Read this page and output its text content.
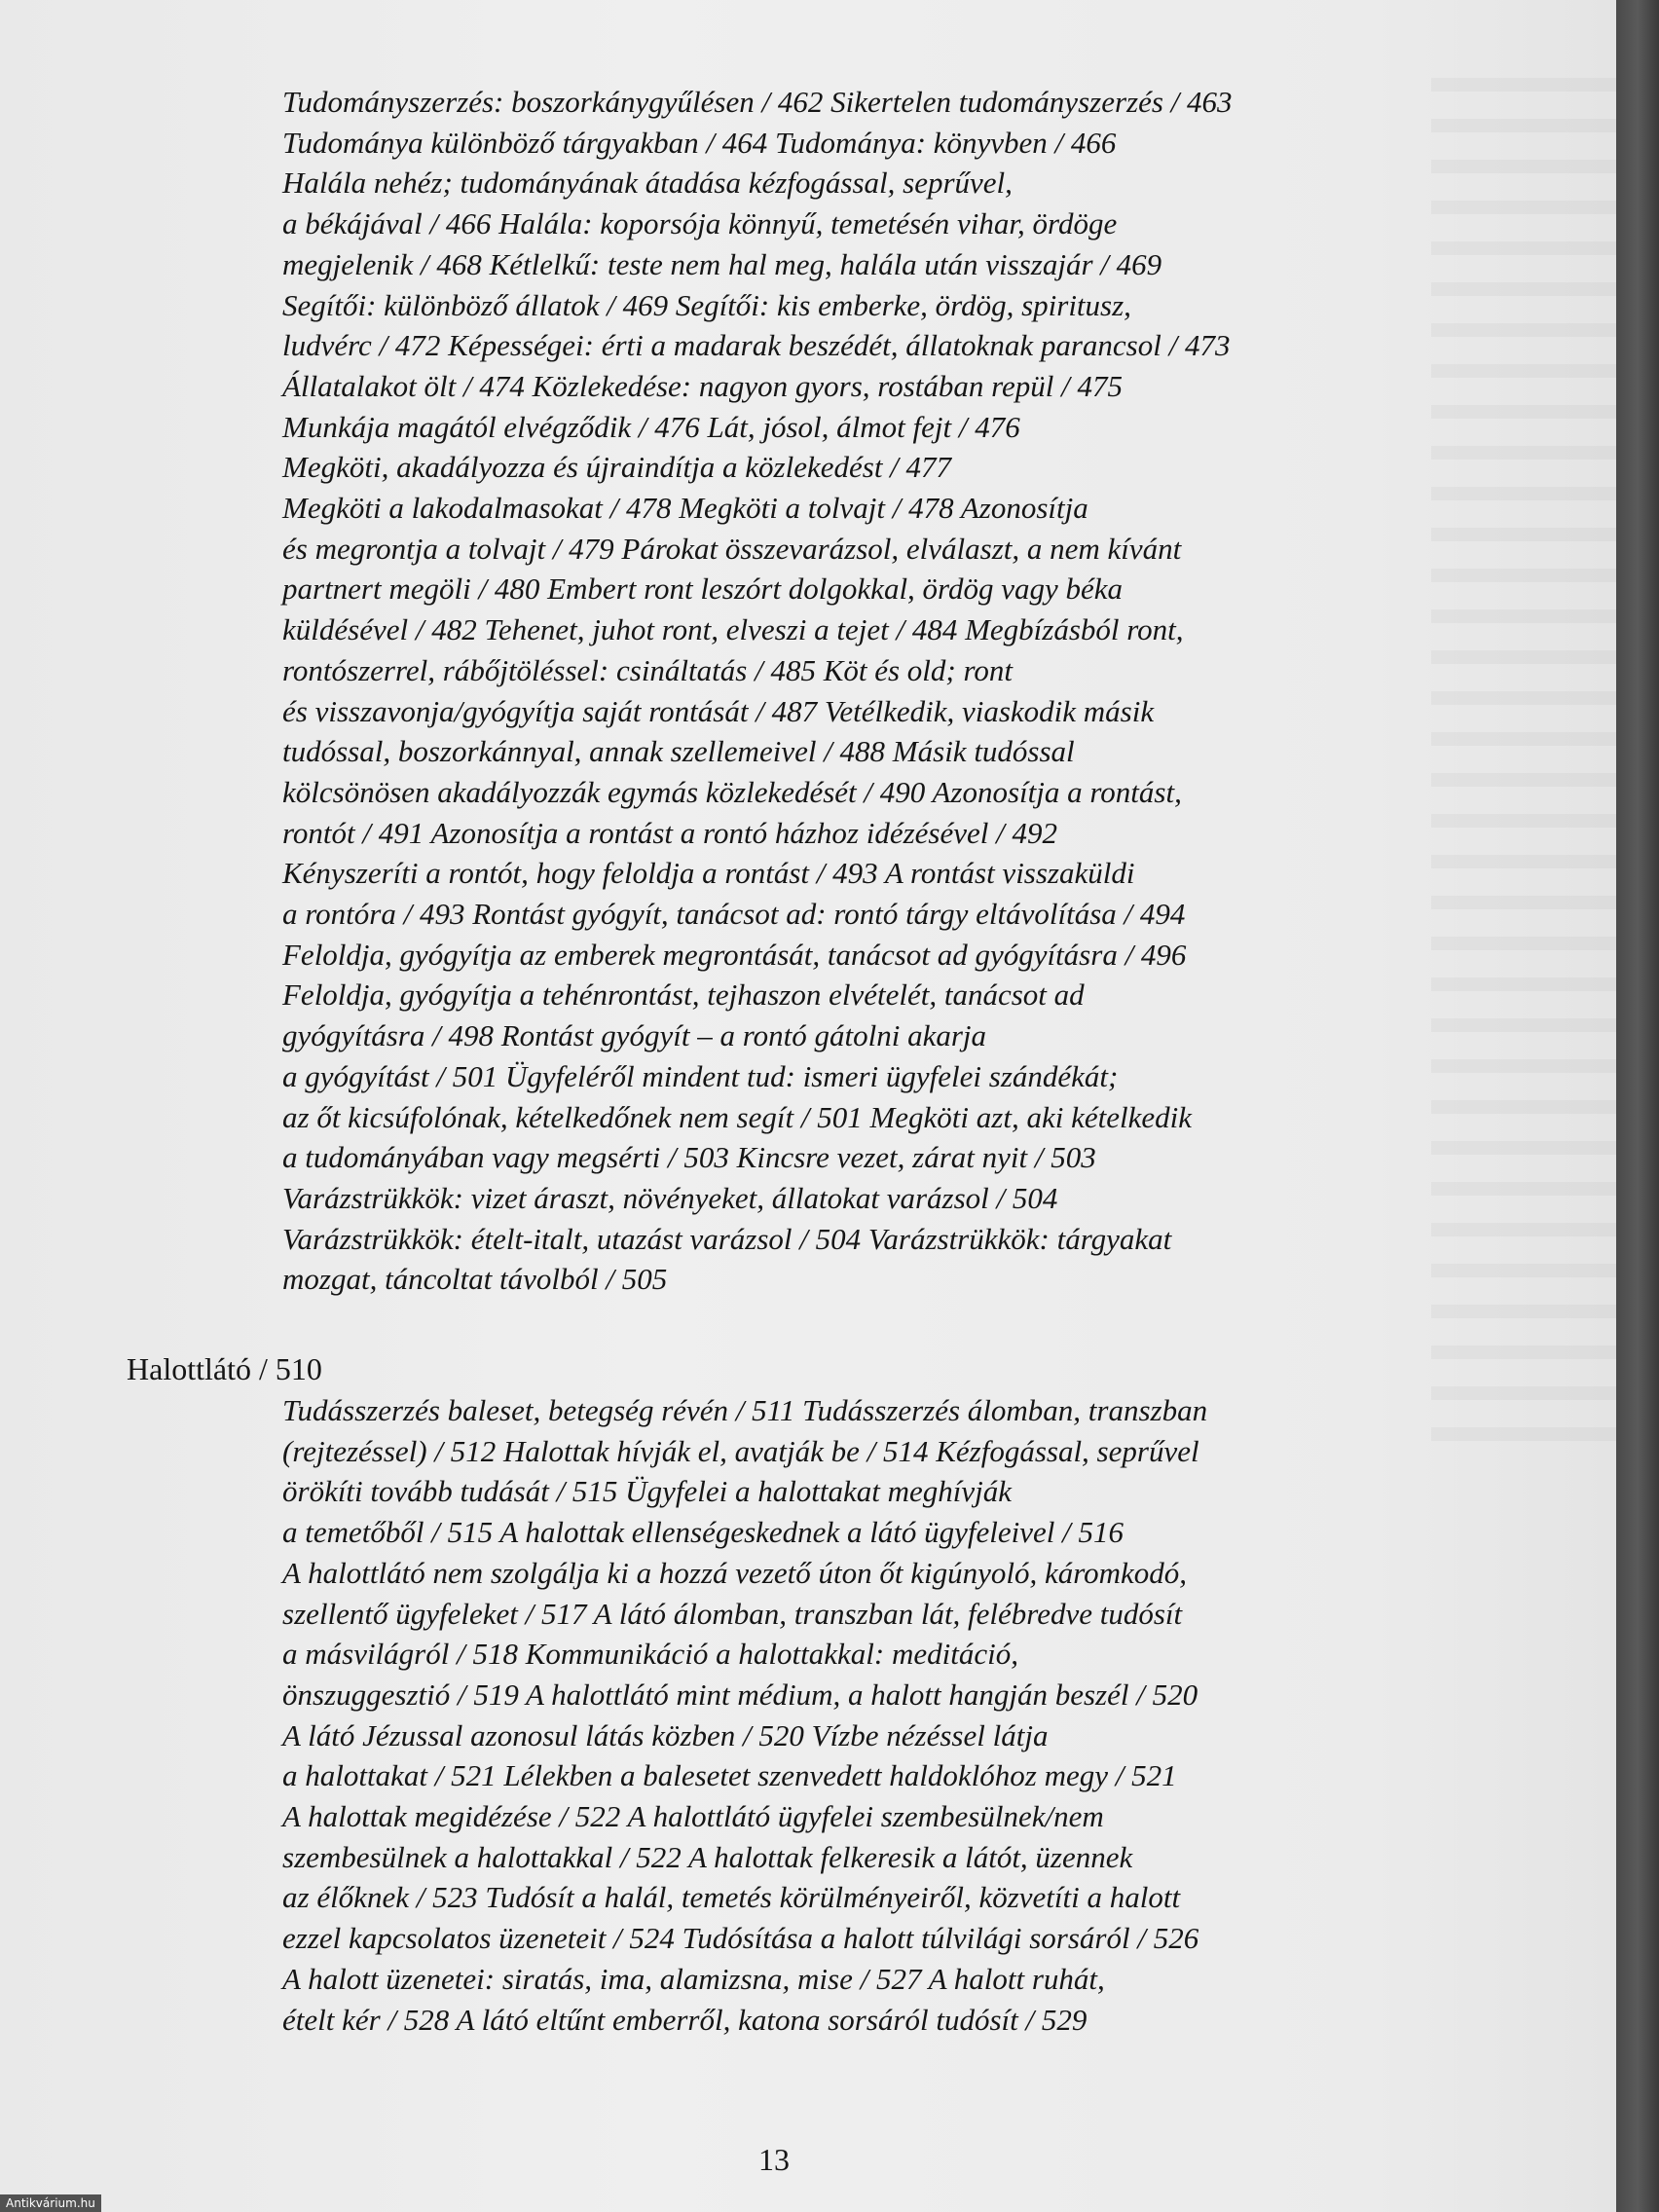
Tudományszerzés: boszorkánygyűlésen / 462 Sikertelen tudományszerzés / 463

Tudománya különböző tárgyakban / 464 Tudománya: könyvben / 466

Halála nehéz; tudományának átadása kézfogással, seprűvel,

a békájával / 466 Halála: koporsója könnyű, temetésén vihar, ördöge

megjelenik / 468 Kétlelkű: teste nem hal meg, halála után visszajár / 469

Segítői: különböző állatok / 469 Segítői: kis emberke, ördög, spiritusz,

ludvérc / 472 Képességei: érti a madarak beszédét, állatoknak parancsol / 473

Állatalakot ölt / 474 Közlekedése: nagyon gyors, rostában repül / 475

Munkája magától elvégződik / 476 Lát, jósol, álmot fejt / 476

Megköti, akadályozza és újraindítja a közlekedést / 477

Megköti a lakodalmasokat / 478 Megköti a tolvajt / 478 Azonosítja

és megrontja a tolvajt / 479 Párokat összevarázsol, elválaszt, a nem kívánt

partnert megöli / 480 Embert ront leszórt dolgokkal, ördög vagy béka

küldésével / 482 Tehenet, juhot ront, elveszi a tejet / 484 Megbízásból ront,

rontószerrel, rábőjtöléssel: csináltatás / 485 Köt és old; ront

és visszavonja/gyógyítja saját rontását / 487 Vetélkedik, viaskodik másik

tudóssal, boszorkánnyal, annak szellemeivel / 488 Másik tudóssal

kölcsönösen akadályozzák egymás közlekedését / 490 Azonosítja a rontást,

rontót / 491 Azonosítja a rontást a rontó házhoz idézésével / 492

Kényszeríti a rontót, hogy feloldja a rontást / 493 A rontást visszaküldi

a rontóra / 493 Rontást gyógyít, tanácsot ad: rontó tárgy eltávolítása / 494

Feloldja, gyógyítja az emberek megrontását, tanácsot ad gyógyításra / 496

Feloldja, gyógyítja a tehénrontást, tejhaszon elvételét, tanácsot ad

gyógyításra / 498 Rontást gyógyít – a rontó gátolni akarja

a gyógyítást / 501 Ügyfeléről mindent tud: ismeri ügyfelei szándékát;

az őt kicsúfolónak, kételkedőnek nem segít / 501 Megköti azt, aki kételkedik

a tudományában vagy megsérti / 503 Kincsre vezet, zárat nyit / 503

Varázstrükkök: vizet áraszt, növényeket, állatokat varázsol / 504

Varázstrükkök: ételt-italt, utazást varázsol / 504 Varázstrükkök: tárgyakat

mozgat, táncoltat távolból / 505

Halottlátó / 510

Tudásszerzés baleset, betegség révén / 511 Tudásszerzés álomban, transzban

(rejtezéssel) / 512 Halottak hívják el, avatják be / 514 Kézfogással, seprűvel

örökíti tovább tudását / 515 Ügyfelei a halottakat meghívják

a temetőből / 515 A halottak ellenségeskednek a látó ügyfeleivel / 516

A halottlátó nem szolgálja ki a hozzá vezető úton őt kigúnyoló, káromkodó,

szellentő ügyfeleket / 517 A látó álomban, transzban lát, felébredve tudósít

a másvilágról / 518 Kommunikáció a halottakkal: meditáció,

önszuggesztió / 519 A halottlátó mint médium, a halott hangján beszél / 520

A látó Jézussal azonosul látás közben / 520 Vízbe nézéssel látja

a halottakat / 521 Lélekben a balesetet szenvedett haldoklóhoz megy / 521

A halottak megidézése / 522 A halottlátó ügyfelei szembesülnek/nem

szembesülnek a halottakkal / 522 A halottak felkeresik a látót, üzennek

az élőknek / 523 Tudósít a halál, temetés körülményeiről, közvetíti a halott

ezzel kapcsolatos üzeneteit / 524 Tudósítása a halott túlvilági sorsáról / 526

A halott üzenetei: siratás, ima, alamizsna, mise / 527 A halott ruhát,

ételt kér / 528 A látó eltűnt emberről, katona sorsáról tudósít / 529

13
Antikvárium.hu
